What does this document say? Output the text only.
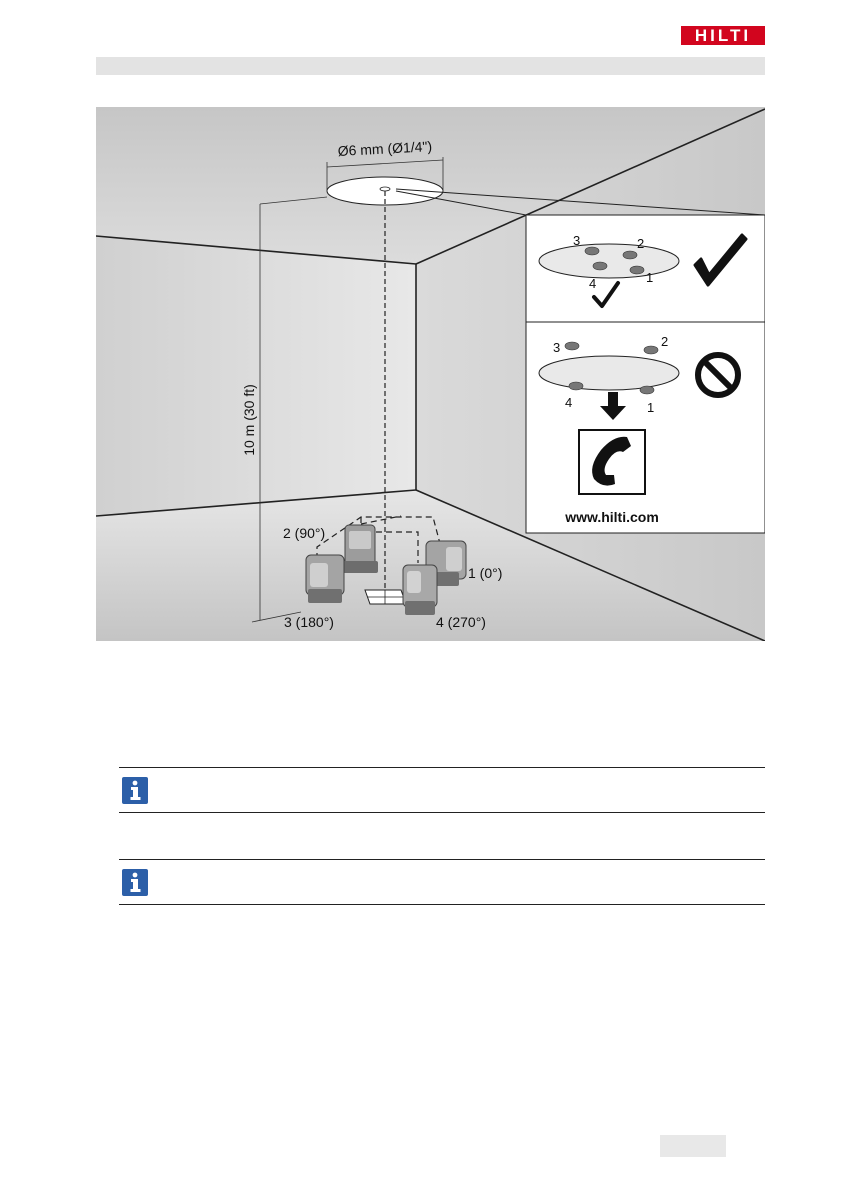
HILTI
Ø6 mm (Ø1/4")
10 m (30 ft)
1 (0°)
2 (90°)
3 (180°)	4 (270°)
1
2
3
4
1
2
3
4
www.hilti.com
